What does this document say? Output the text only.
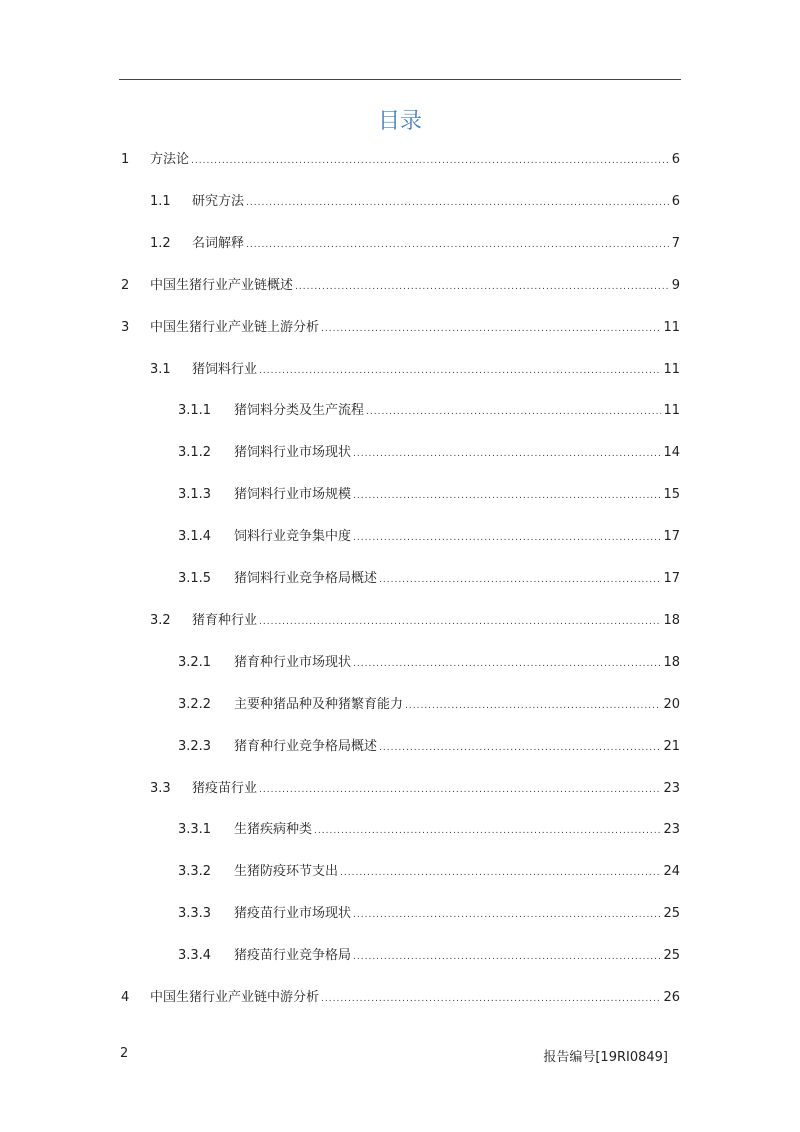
目录
1	方法论 .....	6
1.1	研究方法 .....	6
1.2	名词解释 .....	7
2	中国生猪行业产业链概述 .....	9
3	中国生猪行业产业链上游分析 .....	11
3.1	猪饲料行业 .....	11
3.1.1	猪饲料分类及生产流程 .....	11
3.1.2	猪饲料行业市场现状 .....	14
3.1.3	猪饲料行业市场规模 .....	15
3.1.4	饲料行业竞争集中度 .....	17
3.1.5	猪饲料行业竞争格局概述 .....	17
3.2	猪育种行业 .....	18
3.2.1	猪育种行业市场现状 .....	18
3.2.2	主要种猪品种及种猪繁育能力 .....	20
3.2.3	猪育种行业竞争格局概述 .....	21
3.3	猪疫苗行业 .....	23
3.3.1	生猪疾病种类 .....	23
3.3.2	生猪防疫环节支出 .....	24
3.3.3	猪疫苗行业市场现状 .....	25
3.3.4	猪疫苗行业竞争格局 .....	25
4	中国生猪行业产业链中游分析 .....	26
2	报告编号[19RI0849]
